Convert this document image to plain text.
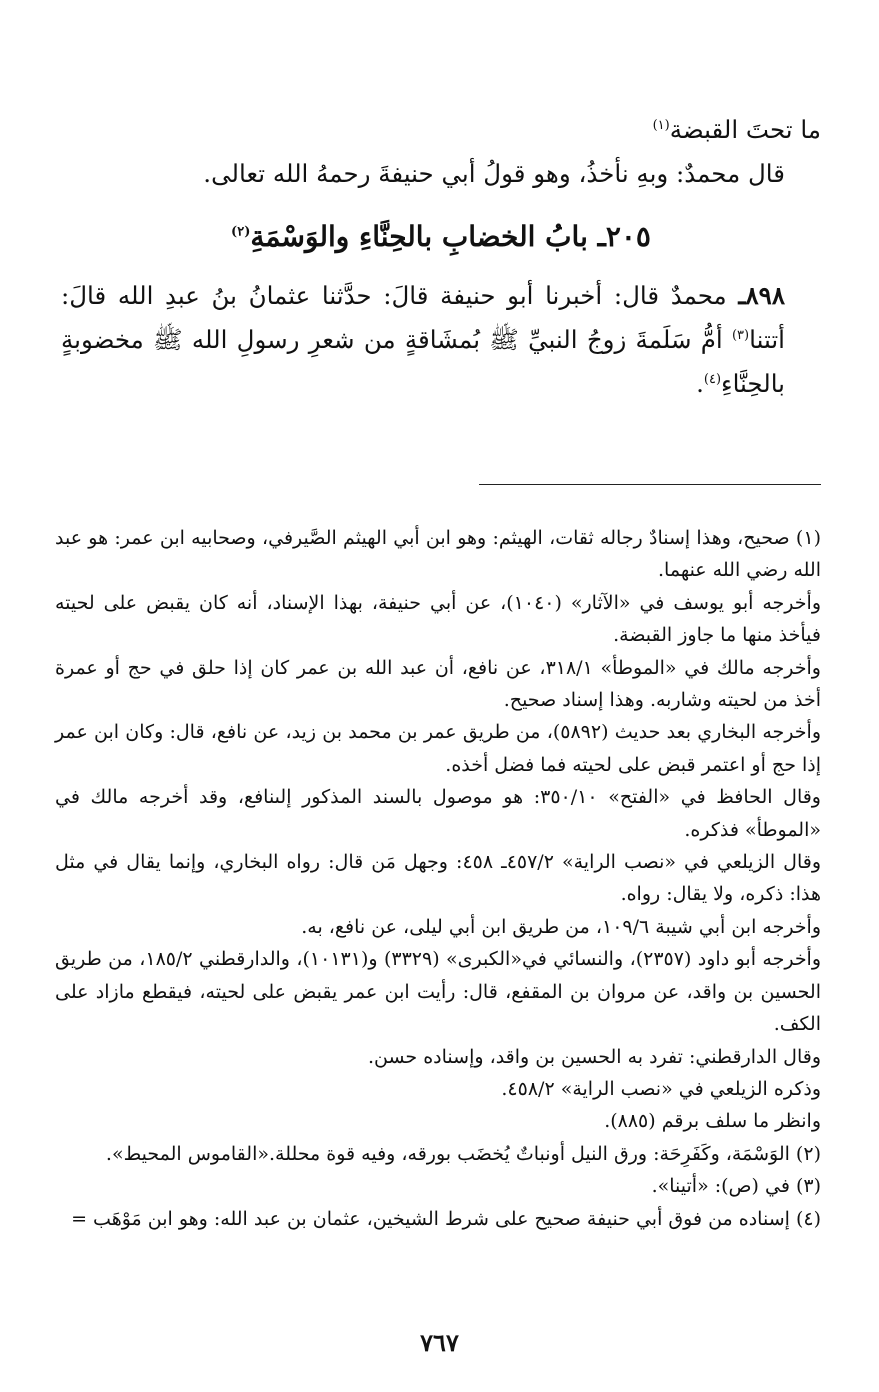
ما تحتَ القبضة$^{(١)}$

قال محمدٌ: وبهِ نأخذُ، وهو قولُ أبي حنيفةَ رحمهُ الله تعالى.

٢٠٥ـ بابُ الخضابِ بالحِنَّاءِ والوَسْمَةِ$^{(٢)}$

٨٩٨ـ محمدٌ قال: أخبرنا أبو حنيفة قالَ: حدَّثنا عثمانُ بنُ عبدِ الله قالَ: أتتنا$^{(٣)}$ أمُّ سَلَمةَ زوجُ النبيِّ ﷺ بُمشَاقةٍ من شعرِ رسولِ الله ﷺ مخضوبةٍ بالحِنَّاءِ$^{(٤)}$.

(١) صحيح، وهذا إسنادٌ رجاله ثقات، الهيثم: وهو ابن أبي الهيثم الصَّيرفي، وصحابيه ابن عمر: هو عبد الله رضي الله عنهما.

وأخرجه أبو يوسف في «الآثار» (١٠٤٠)، عن أبي حنيفة، بهذا الإسناد، أنه كان يقبض على لحيته فيأخذ منها ما جاوز القبضة.

وأخرجه مالك في «الموطأ» ٣١٨/١، عن نافع، أن عبد الله بن عمر كان إذا حلق في حج أو عمرة أخذ من لحيته وشاربه. وهذا إسناد صحيح.

وأخرجه البخاري بعد حديث (٥٨٩٢)، من طريق عمر بن محمد بن زيد، عن نافع، قال: وكان ابن عمر إذا حج أو اعتمر قبض على لحيته فما فضل أخذه.

وقال الحافظ في «الفتح» ٣٥٠/١٠: هو موصول بالسند المذكور إلىنافع، وقد أخرجه مالك في «الموطأ» فذكره.

وقال الزيلعي في «نصب الراية» ٤٥٧/٢ـ ٤٥٨: وجهل مَن قال: رواه البخاري، وإنما يقال في مثل هذا: ذكره، ولا يقال: رواه.

وأخرجه ابن أبي شيبة ١٠٩/٦، من طريق ابن أبي ليلى، عن نافع، به.

وأخرجه أبو داود (٢٣٥٧)، والنسائي في«الكبرى» (٣٣٢٩) و(١٠١٣١)، والدارقطني ١٨٥/٢، من طريق الحسين بن واقد، عن مروان بن المقفع، قال: رأيت ابن عمر يقبض على لحيته، فيقطع مازاد على الكف.

وقال الدارقطني: تفرد به الحسين بن واقد، وإسناده حسن.

وذكره الزيلعي في «نصب الراية» ٤٥٨/٢.

وانظر ما سلف برقم (٨٨٥).

(٢) الوَسْمَة، وكَفَرِحَة: ورق النيل أونباتٌ يُخضَب بورقه، وفيه قوة محللة.«القاموس المحيط».

(٣) في (ص): «أتينا».

(٤) إسناده من فوق أبي حنيفة صحيح على شرط الشيخين، عثمان بن عبد الله: وهو ابن مَوْهَب =

٧٦٧
